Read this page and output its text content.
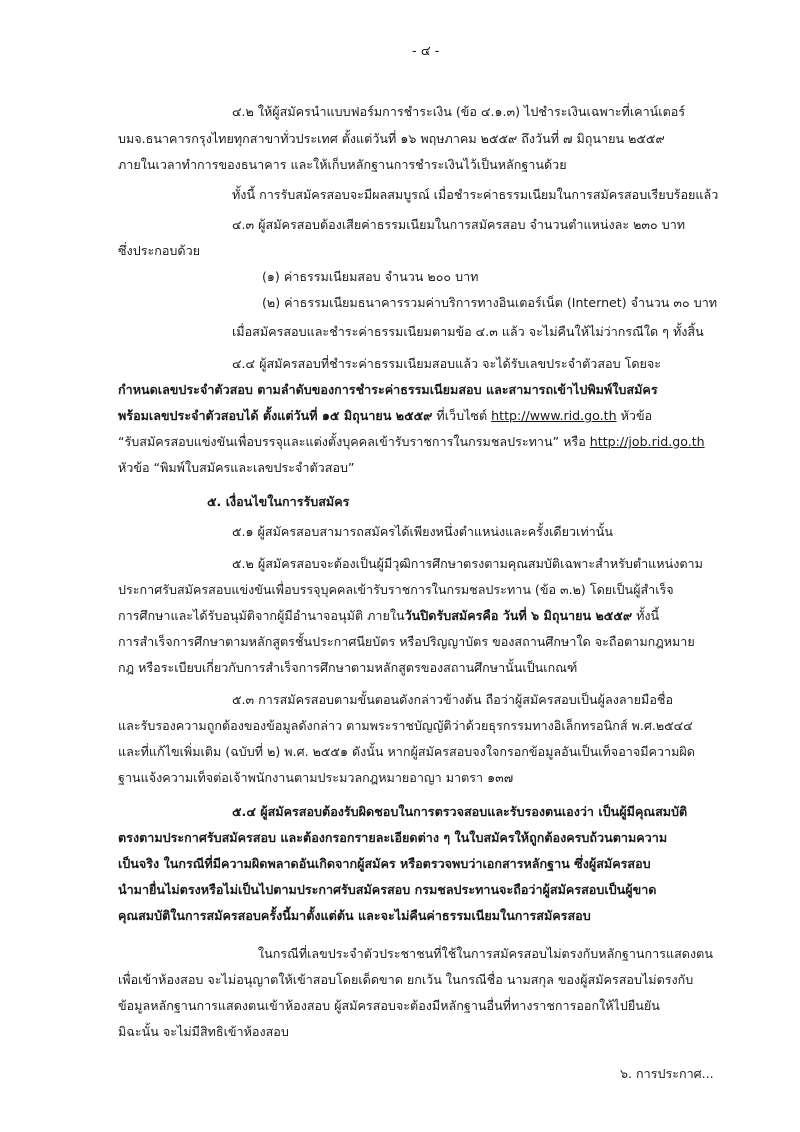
- ๔ -
๔.๒ ให้ผู้สมัครนำแบบฟอร์มการชำระเงิน (ข้อ ๔.๑.๓) ไปชำระเงินเฉพาะที่เคาน์เตอร์
บมจ.ธนาคารกรุงไทยทุกสาขาทั่วประเทศ ตั้งแต่วันที่ ๑๖ พฤษภาคม ๒๕๕๙ ถึงวันที่ ๗ มิถุนายน ๒๕๕๙
ภายในเวลาทำการของธนาคาร และให้เก็บหลักฐานการชำระเงินไว้เป็นหลักฐานด้วย
ทั้งนี้ การรับสมัครสอบจะมีผลสมบูรณ์ เมื่อชำระค่าธรรมเนียมในการสมัครสอบเรียบร้อยแล้ว
๔.๓ ผู้สมัครสอบต้องเสียค่าธรรมเนียมในการสมัครสอบ จำนวนตำแหน่งละ ๒๓๐ บาท
ซึ่งประกอบด้วย
(๑) ค่าธรรมเนียมสอบ จำนวน ๒๐๐ บาท
(๒) ค่าธรรมเนียมธนาคารรวมค่าบริการทางอินเตอร์เน็ต (Internet) จำนวน ๓๐ บาท
เมื่อสมัครสอบและชำระค่าธรรมเนียมตามข้อ ๔.๓ แล้ว จะไม่คืนให้ไม่ว่ากรณีใด ๆ ทั้งสิ้น
๔.๔ ผู้สมัครสอบที่ชำระค่าธรรมเนียมสอบแล้ว จะได้รับเลขประจำตัวสอบ โดยจะ
กำหนดเลขประจำตัวสอบ ตามลำดับของการชำระค่าธรรมเนียมสอบ และสามารถเข้าไปพิมพ์ใบสมัคร
พร้อมเลขประจำตัวสอบได้ ตั้งแต่วันที่ ๑๕ มิถุนายน ๒๕๕๙ ที่เว็บไซต์ http://www.rid.go.th หัวข้อ
“รับสมัครสอบแข่งขันเพื่อบรรจุและแต่งตั้งบุคคลเข้ารับราชการในกรมชลประทาน” หรือ http://job.rid.go.th
หัวข้อ “พิมพ์ใบสมัครและเลขประจำตัวสอบ”
๕. เงื่อนไขในการรับสมัคร
๕.๑ ผู้สมัครสอบสามารถสมัครได้เพียงหนึ่งตำแหน่งและครั้งเดียวเท่านั้น
๕.๒ ผู้สมัครสอบจะต้องเป็นผู้มีวุฒิการศึกษาตรงตามคุณสมบัติเฉพาะสำหรับตำแหน่งตาม
ประกาศรับสมัครสอบแข่งขันเพื่อบรรจุบุคคลเข้ารับราชการในกรมชลประทาน (ข้อ ๓.๒) โดยเป็นผู้สำเร็จ
การศึกษาและได้รับอนุมัติจากผู้มีอำนาจอนุมัติ ภายในวันปิดรับสมัครคือ วันที่ ๖ มิถุนายน ๒๕๕๙ ทั้งนี้
การสำเร็จการศึกษาตามหลักสูตรชั้นประกาศนียบัตร หรือปริญญาบัตร ของสถานศึกษาใด จะถือตามกฎหมาย
กฎ หรือระเบียบเกี่ยวกับการสำเร็จการศึกษาตามหลักสูตรของสถานศึกษานั้นเป็นเกณฑ์
๕.๓ การสมัครสอบตามขั้นตอนดังกล่าวข้างต้น ถือว่าผู้สมัครสอบเป็นผู้ลงลายมือชื่อ
และรับรองความถูกต้องของข้อมูลดังกล่าว ตามพระราชบัญญัติว่าด้วยธุรกรรมทางอิเล็กทรอนิกส์ พ.ศ.๒๕๔๔
และที่แก้ไขเพิ่มเติม (ฉบับที่ ๒) พ.ศ. ๒๕๕๑ ดังนั้น หากผู้สมัครสอบจงใจกรอกข้อมูลอันเป็นเท็จอาจมีความผิด
ฐานแจ้งความเท็จต่อเจ้าพนักงานตามประมวลกฎหมายอาญา มาตรา ๑๓๗
๕.๔ ผู้สมัครสอบต้องรับผิดชอบในการตรวจสอบและรับรองตนเองว่า เป็นผู้มีคุณสมบัติ
ตรงตามประกาศรับสมัครสอบ และต้องกรอกรายละเอียดต่าง ๆ ในใบสมัครให้ถูกต้องครบถ้วนตามความ
เป็นจริง ในกรณีที่มีความผิดพลาดอันเกิดจากผู้สมัคร หรือตรวจพบว่าเอกสารหลักฐาน ซึ่งผู้สมัครสอบ
นำมายื่นไม่ตรงหรือไม่เป็นไปตามประกาศรับสมัครสอบ กรมชลประทานจะถือว่าผู้สมัครสอบเป็นผู้ขาด
คุณสมบัติในการสมัครสอบครั้งนี้มาตั้งแต่ต้น และจะไม่คืนค่าธรรมเนียมในการสมัครสอบ
ในกรณีที่เลขประจำตัวประชาชนที่ใช้ในการสมัครสอบไม่ตรงกับหลักฐานการแสดงตน
เพื่อเข้าห้องสอบ จะไม่อนุญาตให้เข้าสอบโดยเด็ดขาด ยกเว้น ในกรณีชื่อ นามสกุล ของผู้สมัครสอบไม่ตรงกับ
ข้อมูลหลักฐานการแสดงตนเข้าห้องสอบ ผู้สมัครสอบจะต้องมีหลักฐานอื่นที่ทางราชการออกให้ไปยืนยัน
มิฉะนั้น จะไม่มีสิทธิเข้าห้องสอบ
๖. การประกาศ...
